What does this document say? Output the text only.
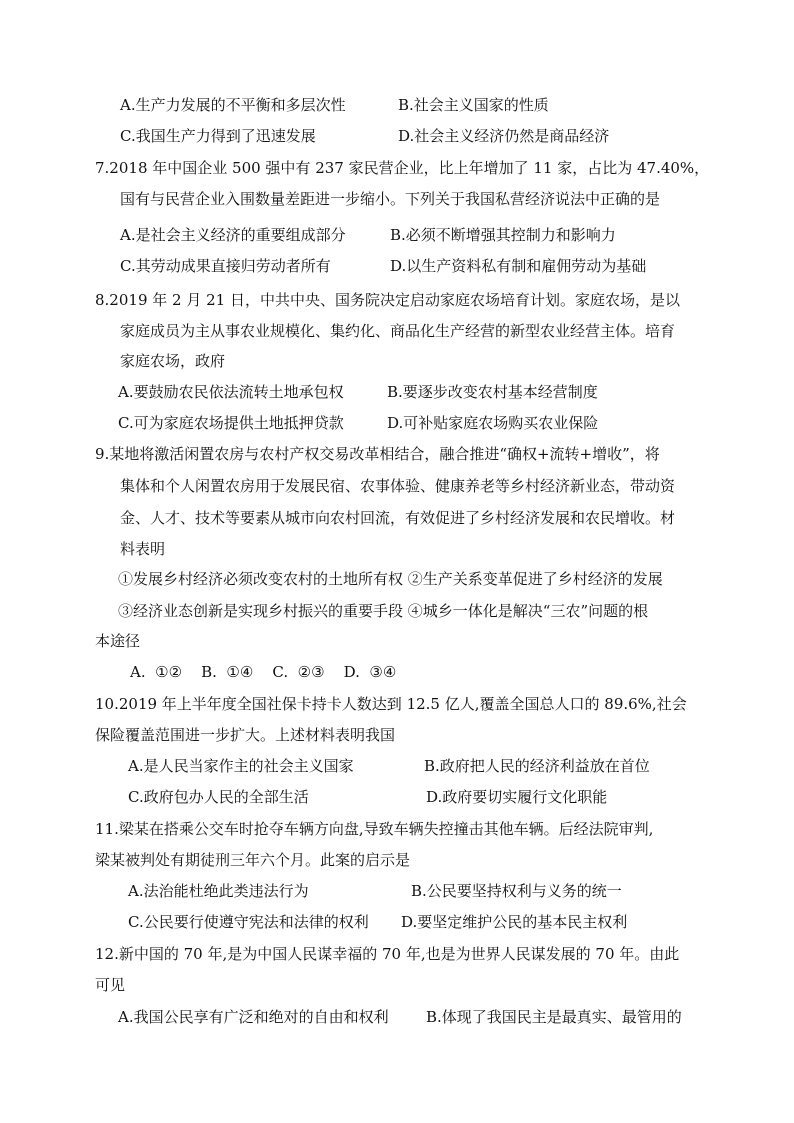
A.生产力发展的不平衡和多层次性	B.社会主义国家的性质
C.我国生产力得到了迅速发展	D.社会主义经济仍然是商品经济
7.2018 年中国企业 500 强中有 237 家民营企业，比上年增加了 11 家，占比为 47.40%，
国有与民营企业入围数量差距进一步缩小。下列关于我国私营经济说法中正确的是
A.是社会主义经济的重要组成部分	B.必须不断增强其控制力和影响力
C.其劳动成果直接归劳动者所有	D.以生产资料私有制和雇佣劳动为基础
8.2019 年 2 月 21 日，中共中央、国务院决定启动家庭农场培育计划。家庭农场，是以
家庭成员为主从事农业规模化、集约化、商品化生产经营的新型农业经营主体。培育
家庭农场，政府
A.要鼓励农民依法流转土地承包权	B.要逐步改变农村基本经营制度
C.可为家庭农场提供土地抵押贷款	D.可补贴家庭农场购买农业保险
9.某地将激活闲置农房与农村产权交易改革相结合，融合推进“确权+流转+增收”，将
集体和个人闲置农房用于发展民宿、农事体验、健康养老等乡村经济新业态，带动资
金、人才、技术等要素从城市向农村回流，有效促进了乡村经济发展和农民增收。材
料表明
①发展乡村经济必须改变农村的土地所有权 ②生产关系变革促进了乡村经济的发展
③经济业态创新是实现乡村振兴的重要手段 ④城乡一体化是解决“三农”问题的根
本途径
A.  ①②    B.  ①④    C.  ②③    D.  ③④
10.2019 年上半年度全国社保卡持卡人数达到 12.5 亿人,覆盖全国总人口的 89.6%,社会
保险覆盖范围进一步扩大。上述材料表明我国
A.是人民当家作主的社会主义国家	B.政府把人民的经济利益放在首位
C.政府包办人民的全部生活	D.政府要切实履行文化职能
11.梁某在搭乘公交车时抢夺车辆方向盘,导致车辆失控撞击其他车辆。后经法院审判,
梁某被判处有期徒刑三年六个月。此案的启示是
A.法治能杜绝此类违法行为	B.公民要坚持权利与义务的统一
C.公民要行使遵守宪法和法律的权利 D.要坚定维护公民的基本民主权利
12.新中国的 70 年,是为中国人民谋幸福的 70 年,也是为世界人民谋发展的 70 年。由此
可见
A.我国公民享有广泛和绝对的自由和权利 B.体现了我国民主是最真实、最管用的
